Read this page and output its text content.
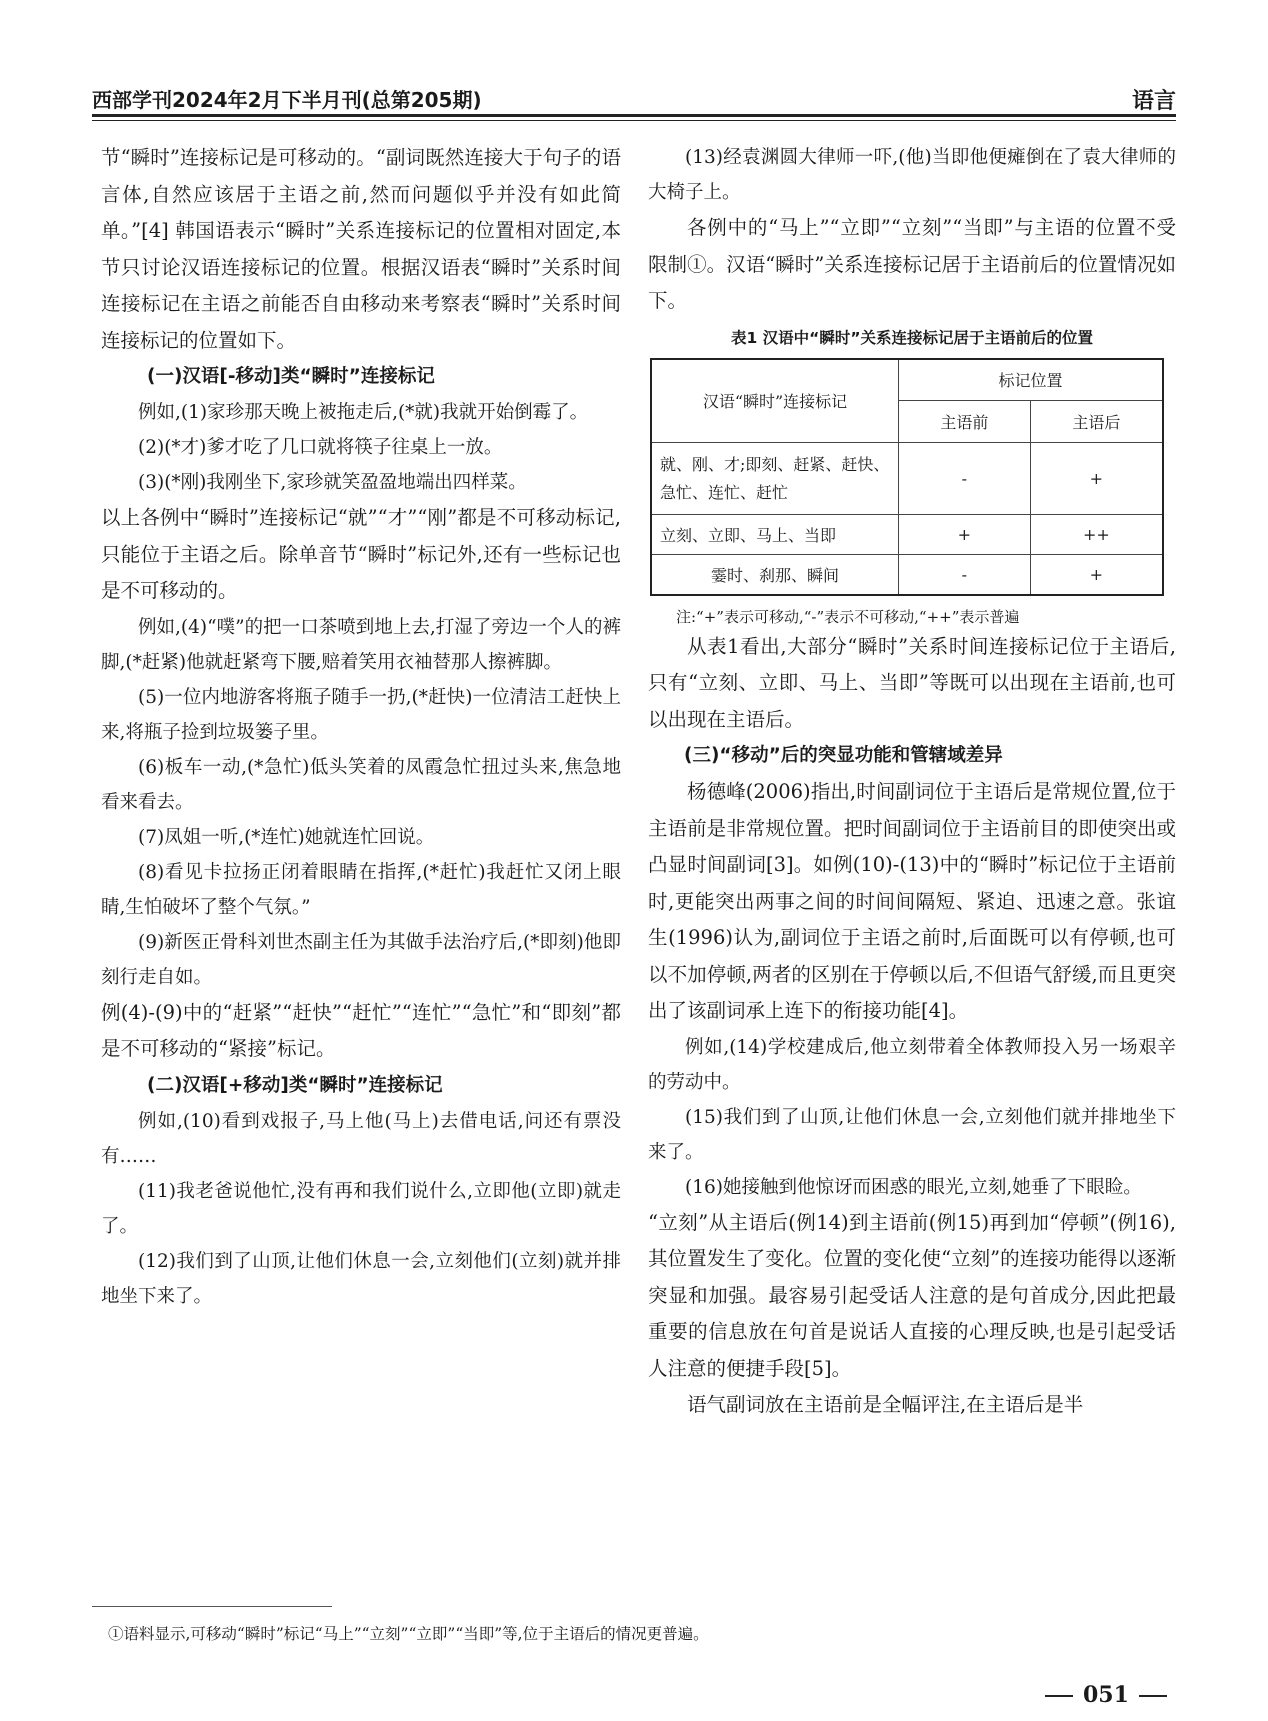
西部学刊2024年2月下半月刊(总第205期)	语言

节“瞬时”连接标记是可移动的。“副词既然连接大于句子的语言体,自然应该居于主语之前,然而问题似乎并没有如此简单。”[4] 韩国语表示“瞬时”关系连接标记的位置相对固定,本节只讨论汉语连接标记的位置。根据汉语表“瞬时”关系时间连接标记在主语之前能否自由移动来考察表“瞬时”关系时间连接标记的位置如下。

(一)汉语[-移动]类“瞬时”连接标记

例如,(1)家珍那天晚上被拖走后,(*就)我就开始倒霉了。

(2)(*才)爹才吃了几口就将筷子往桌上一放。

(3)(*刚)我刚坐下,家珍就笑盈盈地端出四样菜。

以上各例中“瞬时”连接标记“就”“才”“刚”都是不可移动标记,只能位于主语之后。除单音节“瞬时”标记外,还有一些标记也是不可移动的。

例如,(4)“噗”的把一口茶喷到地上去,打湿了旁边一个人的裤脚,(*赶紧)他就赶紧弯下腰,赔着笑用衣袖替那人擦裤脚。

(5)一位内地游客将瓶子随手一扔,(*赶快)一位清洁工赶快上来,将瓶子捡到垃圾篓子里。

(6)板车一动,(*急忙)低头笑着的凤霞急忙扭过头来,焦急地看来看去。

(7)凤姐一听,(*连忙)她就连忙回说。

(8)看见卡拉扬正闭着眼睛在指挥,(*赶忙)我赶忙又闭上眼睛,生怕破坏了整个气氛。”

(9)新医正骨科刘世杰副主任为其做手法治疗后,(*即刻)他即刻行走自如。

例(4)-(9)中的“赶紧”“赶快”“赶忙”“连忙”“急忙”和“即刻”都是不可移动的“紧接”标记。

(二)汉语[+移动]类“瞬时”连接标记

例如,(10)看到戏报子,马上他(马上)去借电话,问还有票没有……

(11)我老爸说他忙,没有再和我们说什么,立即他(立即)就走了。

(12)我们到了山顶,让他们休息一会,立刻他们(立刻)就并排地坐下来了。

(13)经袁渊圆大律师一吓,(他)当即他便瘫倒在了袁大律师的大椅子上。

各例中的“马上”“立即”“立刻”“当即”与主语的位置不受限制①。汉语“瞬时”关系连接标记居于主语前后的位置情况如下。

表1 汉语中“瞬时”关系连接标记居于主语前后的位置
汉语“瞬时”连接标记	标记位置	
	主语前	主语后
就、刚、才;即刻、赶紧、赶快、急忙、连忙、赶忙	-	+
立刻、立即、马上、当即	+	++
霎时、刹那、瞬间	-	+
注:“+”表示可移动,“-”表示不可移动,“++”表示普遍

从表1看出,大部分“瞬时”关系时间连接标记位于主语后,只有“立刻、立即、马上、当即”等既可以出现在主语前,也可以出现在主语后。

(三)“移动”后的突显功能和管辖域差异

杨德峰(2006)指出,时间副词位于主语后是常规位置,位于主语前是非常规位置。把时间副词位于主语前目的即使突出或凸显时间副词[3]。如例(10)-(13)中的“瞬时”标记位于主语前时,更能突出两事之间的时间间隔短、紧迫、迅速之意。张谊生(1996)认为,副词位于主语之前时,后面既可以有停顿,也可以不加停顿,两者的区别在于停顿以后,不但语气舒缓,而且更突出了该副词承上连下的衔接功能[4]。

例如,(14)学校建成后,他立刻带着全体教师投入另一场艰辛的劳动中。

(15)我们到了山顶,让他们休息一会,立刻他们就并排地坐下来了。

(16)她接触到他惊讶而困惑的眼光,立刻,她垂了下眼睑。

“立刻”从主语后(例14)到主语前(例15)再到加“停顿”(例16),其位置发生了变化。位置的变化使“立刻”的连接功能得以逐渐突显和加强。最容易引起受话人注意的是句首成分,因此把最重要的信息放在句首是说话人直接的心理反映,也是引起受话人注意的便捷手段[5]。

语气副词放在主语前是全幅评注,在主语后是半

①语料显示,可移动“瞬时”标记“马上”“立刻”“立即”“当即”等,位于主语后的情况更普遍。
051
